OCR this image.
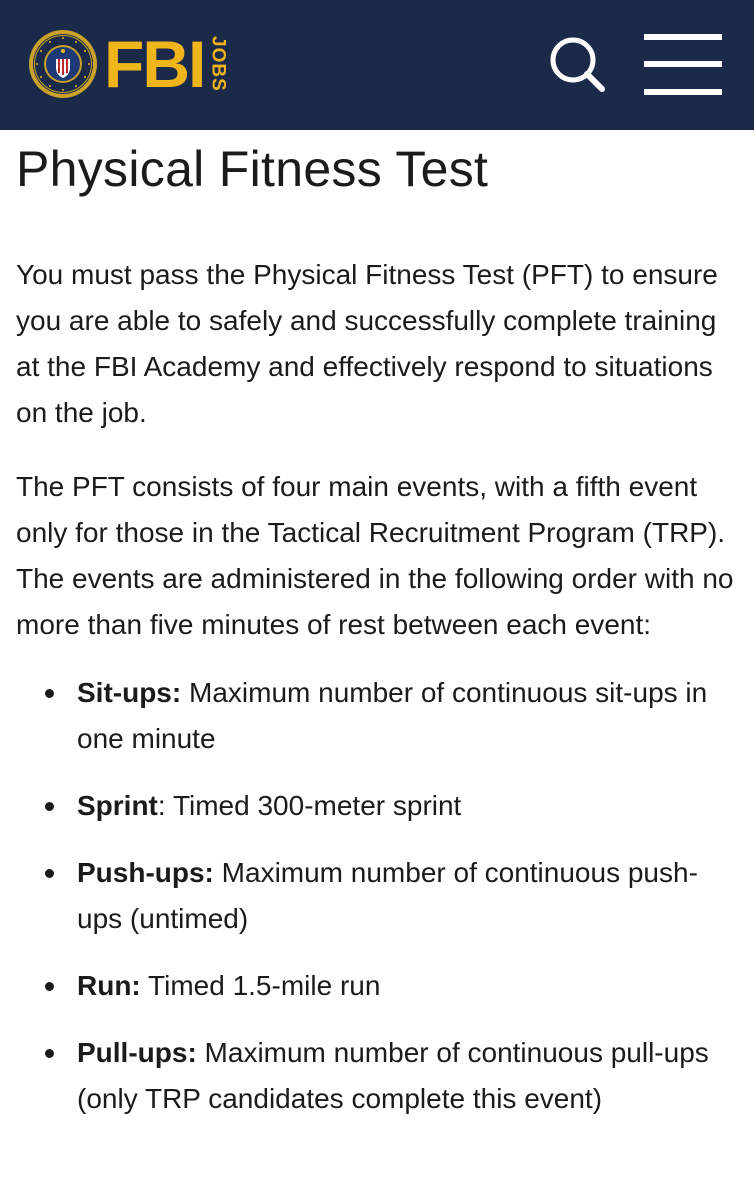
FBI JOBS
Physical Fitness Test

You must pass the Physical Fitness Test (PFT) to ensure you are able to safely and successfully complete training at the FBI Academy and effectively respond to situations on the job.

The PFT consists of four main events, with a fifth event only for those in the Tactical Recruitment Program (TRP). The events are administered in the following order with no more than five minutes of rest between each event:

Sit-ups: Maximum number of continuous sit-ups in one minute
Sprint: Timed 300-meter sprint
Push-ups: Maximum number of continuous push-ups (untimed)
Run: Timed 1.5-mile run
Pull-ups: Maximum number of continuous pull-ups (only TRP candidates complete this event)
